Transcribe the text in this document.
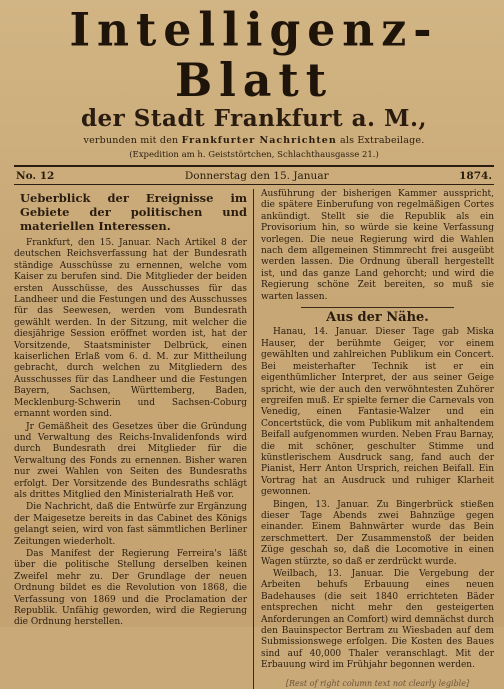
Intelligenz-Blatt
der Stadt Frankfurt a. M.,
verbunden mit den Frankfurter Nachrichten als Extrabeilage.
(Expedition am h. Geiststörtchen, Schlachthausgasse 21.)
No. 12	Donnerstag den 15. Januar	1874.
Ueberblick der Ereignisse im Gebiete der politischen und materiellen Interessen.

Frankfurt, den 15. Januar. Nach Artikel 8 der deutschen Reichsverfassung hat der Bundesrath ständige Ausschüsse zu ernennen, welche vom Kaiser zu berufen sind. Die Mitglieder der beiden ersten Ausschüsse, des Ausschusses für das Landheer und die Festungen und des Ausschusses für das Seewesen, werden vom Bundesrath gewählt werden. In der Sitzung, mit welcher die diesjährige Session eröffnet worden ist, hat der Vorsitzende, Staatsminister Delbrück, einen kaiserlichen Erlaß vom 6. d. M. zur Mittheilung gebracht, durch welchen zu Mitgliedern des Ausschusses für das Landheer und die Festungen Bayern, Sachsen, Württemberg, Baden, Mecklenburg-Schwerin und Sachsen-Coburg ernannt worden sind.

Jr Gemäßheit des Gesetzes über die Gründung und Verwaltung des Reichs-Invalidenfonds wird durch Bundesrath drei Mitglieder für die Verwaltung des Fonds zu ernennen. Bisher waren nur zwei Wahlen von Seiten des Bundesraths erfolgt. Der Vorsitzende des Bundesraths schlägt als drittes Mitglied den Ministerialrath Heß vor.

Die Nachricht, daß die Entwürfe zur Ergänzung der Maigesetze bereits in das Cabinet des Königs gelangt seien, wird von fast sämmtlichen Berliner Zeitungen wiederholt.

Das Manifest der Regierung Ferreira's läßt über die politische Stellung derselben keinen Zweifel mehr zu. Der Grundlage der neuen Ordnung bildet es die Revolution von 1868, die Verfassung von 1869 und die Proclamation der Republik. Unfähig geworden, wird die Regierung die Ordnung herstellen.

Ausführung der bisherigen Kammer ausspricht, die spätere Einberufung von regelmäßigen Cortes ankündigt. Stellt sie die Republik als ein Provisorium hin, so würde sie keine Verfassung vorlegen. Die neue Regierung wird die Wahlen nach dem allgemeinen Stimmrecht frei ausgeübt werden lassen. Die Ordnung überall hergestellt ist, und das ganze Land gehorcht; und wird die Regierung schöne Zeit bereiten, so muß sie warten lassen.

Aus der Nähe.

Hanau, 14. Januar. Dieser Tage gab Miska Hauser, der berühmte Geiger, vor einem gewählten und zahlreichen Publikum ein Concert. Bei meisterhafter Technik ist er ein eigenthümlicher Interpret, der aus seiner Geige spricht, wie der auch den verwöhntesten Zuhörer ergreifen muß. Er spielte ferner die Carnevals von Venedig, einen Fantasie-Walzer und ein Concertstück, die vom Publikum mit anhaltendem Beifall aufgenommen wurden. Neben Frau Barnay, die mit schöner, geschulter Stimme und künstlerischem Ausdruck sang, fand auch der Pianist, Herr Anton Ursprich, reichen Beifall. Ein Vortrag hat an Ausdruck und ruhiger Klarheit gewonnen.

Bingen, 13. Januar. Zu Bingerbrück stießen dieser Tage Abends zwei Bahnzüge gegen einander. Einem Bahnwärter wurde das Bein zerschmettert. Der Zusammenstoß der beiden Züge geschah so, daß die Locomotive in einen Wagen stürzte, so daß er zerdrückt wurde.

Weilbach, 13. Januar. Die Vergebung der Arbeiten behufs Erbauung eines neuen Badehauses (die seit 1840 errichteten Bäder entsprechen nicht mehr den gesteigerten Anforderungen an Comfort) wird demnächst durch den Bauinspector Bertram zu Wiesbaden auf dem Submissionswege erfolgen. Die Kosten des Baues sind auf 40,000 Thaler veranschlagt. Mit der Erbauung wird im Frühjahr begonnen werden.

[Rest of right column text not clearly legible]
